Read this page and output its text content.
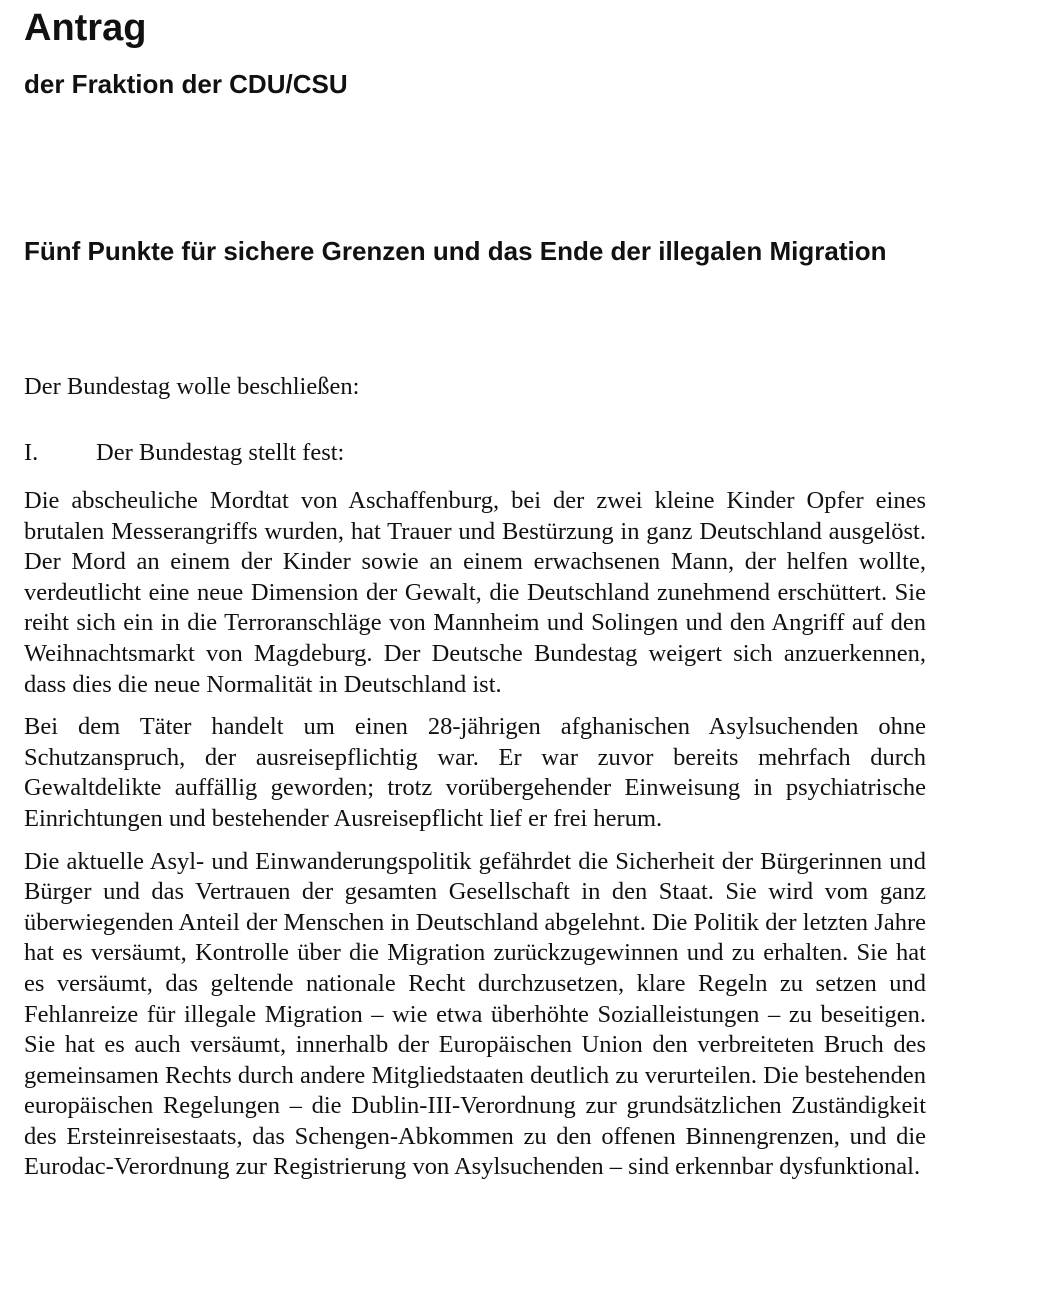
Antrag
der Fraktion der CDU/CSU
Fünf Punkte für sichere Grenzen und das Ende der illegalen Migration

Der Bundestag wolle beschließen:

I.	Der Bundestag stellt fest:

Die abscheuliche Mordtat von Aschaffenburg, bei der zwei kleine Kinder Opfer eines brutalen Messerangriffs wurden, hat Trauer und Bestürzung in ganz Deutschland ausgelöst. Der Mord an einem der Kinder sowie an einem erwachsenen Mann, der helfen wollte, verdeutlicht eine neue Dimension der Gewalt, die Deutschland zunehmend erschüttert. Sie reiht sich ein in die Terroranschläge von Mannheim und Solingen und den Angriff auf den Weihnachtsmarkt von Magdeburg. Der Deutsche Bundestag weigert sich anzuerkennen, dass dies die neue Normalität in Deutschland ist.

Bei dem Täter handelt um einen 28-jährigen afghanischen Asylsuchenden ohne Schutzanspruch, der ausreisepflichtig war. Er war zuvor bereits mehrfach durch Gewaltdelikte auffällig geworden; trotz vorübergehender Einweisung in psychiatrische Einrichtungen und bestehender Ausreisepflicht lief er frei herum.

Die aktuelle Asyl- und Einwanderungspolitik gefährdet die Sicherheit der Bürgerinnen und Bürger und das Vertrauen der gesamten Gesellschaft in den Staat. Sie wird vom ganz überwiegenden Anteil der Menschen in Deutschland abgelehnt. Die Politik der letzten Jahre hat es versäumt, Kontrolle über die Migration zurückzugewinnen und zu erhalten. Sie hat es versäumt, das geltende nationale Recht durchzusetzen, klare Regeln zu setzen und Fehlanreize für illegale Migration – wie etwa überhöhte Sozialleistungen – zu beseitigen. Sie hat es auch versäumt, innerhalb der Europäischen Union den verbreiteten Bruch des gemeinsamen Rechts durch andere Mitgliedstaaten deutlich zu verurteilen. Die bestehenden europäischen Regelungen – die Dublin-III-Verordnung zur grundsätzlichen Zuständigkeit des Ersteinreisestaats, das Schengen-Abkommen zu den offenen Binnengrenzen, und die Eurodac-Verordnung zur Registrierung von Asylsuchenden – sind erkennbar dysfunktional.
